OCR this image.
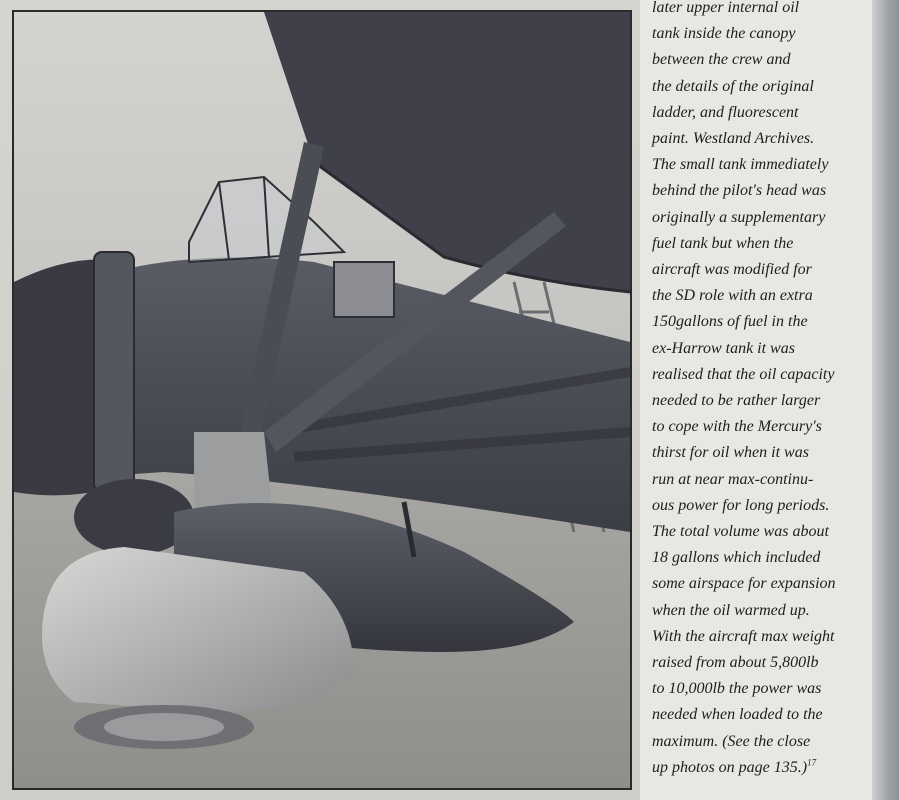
later upper internal oil
tank inside the canopy
between the crew and
the details of the original
ladder, and fluorescent
paint. Westland Archives.
The small tank immediately
behind the pilot's head was
originally a supplementary
fuel tank but when the
aircraft was modified for
the SD role with an extra
150gallons of fuel in the
ex-Harrow tank it was
realised that the oil capacity
needed to be rather larger
to cope with the Mercury's
thirst for oil when it was
run at near max-continu-
ous power for long periods.
The total volume was about
18 gallons which included
some airspace for expansion
when the oil warmed up.
With the aircraft max weight
raised from about 5,800lb
to 10,000lb the power was
needed when loaded to the
maximum. (See the close
up photos on page 135.)$^{17}$
